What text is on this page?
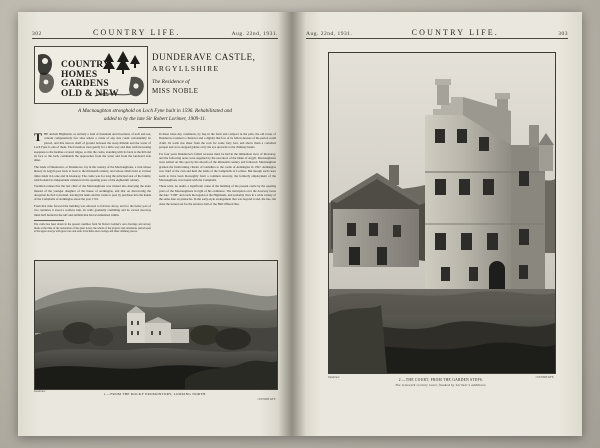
302	COUNTRY LIFE.	Aug. 22nd, 1931.
COUNTRY
HOMES
GARDENS
OLD & NEW
DUNDERAVE CASTLE,
ARGYLLSHIRE
The Residence of
MISS NOBLE
A Macnaughton stronghold on Loch Fyne built in 1596. Rehabilitated and
added to by the late Sir Robert Lorimer, 1909-11.

THE ancient Highlands, so entirely a land of mountain and moorland, of loch and sea, contain comparatively few sites where a castle of any size could conveniently be placed, and this narrow shelf of ground between the steep hillside and the water of Loch Fyne is one of them. The foreshore rises gently for a little way and then with increasing steepness to the heather-covered ridges, so that the castle, standing with its back to the hill and its face to the loch, commands the approaches from the water and from the landward side alike.

The lands of Dunderave, or Dundarave, lay in the country of the Macnaughtons, a clan whose history in Argyll goes back at least to the thirteenth century, and whose chiefs held at various times lands in Lorne and in Glenaray. The castle was for long the principal seat of the family, which ended its independent existence in the opening years of the eighteenth century.

Tradition relates that the last chief of the Macnaughtons was tricked into marrying the elder instead of the younger daughter of the house of Ardkinglas, and that on discovering the deception he fled to Ireland, leaving his lands and his castle to pass by purchase into the hands of the Campbells of Ardkinglas about the year 1710.

From that time forward the building was allowed to fall into decay, and for the better part of two centuries it stood a roofless ruin, its walls gradually crumbling and its carved doorway lintel half buried in the turf and rubbish that had accumulated within.

The castle has been drawn in the present condition from Sir Robert Lorimer's own drawings and survey, made at the time of the restoration of the great tower, the whole of the projects and extensions period upon at the upper storeys with great care and taste. It includes door-casings and inner chimney-pieces.

In these latter-day conditions, by hap in the form and compact in the plan, the old tower of Dunderave retained a character and a dignity that few of its fellow-houses of the period could claim. Its walls rise sheer from the rock for some forty feet, and above them a corbelled parapet and crow-stepped gables carry the eye upwards to the chimney heads.

For four years Dunderave's fabled recesses must be had in the immediate view of Inveraray, and the following notes were supplied by the executors of the Duke of Argyll. Macnaughtons were settled on this spot by the shorofs of the thirteenth century and followed. Macnaughton granted the forthcoming charter of Glenshira to the castle of Ardkinglas in 1597. Ardkinglas was chief of the clan and held the lands of the Campbells of Lochaw. But though such cases seem to have been thoroughly from a common ancestry, the formerly employment of the Macnaughtons was bound with the Campbells.

These texts, no doubt, a significant cause of the building of the present castle by the opening years of the Macnaughtons in right of his ordinance. The inscription over the doorway bears the date "1596" and reads the legend of the Highlands, and probably lives in a wide variety of the same date on pinnacles. In the early-style arrangement that was beyond it and, the late, the older the turned out for the entrance hall of the Hall Offered that.

Dunderave
1.—FROM THE ROCKY PROMONTORY, LOOKING NORTH.
COUNTRY LIFE.
Aug. 22nd, 1931.	COUNTRY LIFE.	303
Dunderave	COUNTRY LIFE.
2.—THE COURT, FROM THE GARDEN STEPS.
The sixteenth century tower flanked by Lorimer's additions.
